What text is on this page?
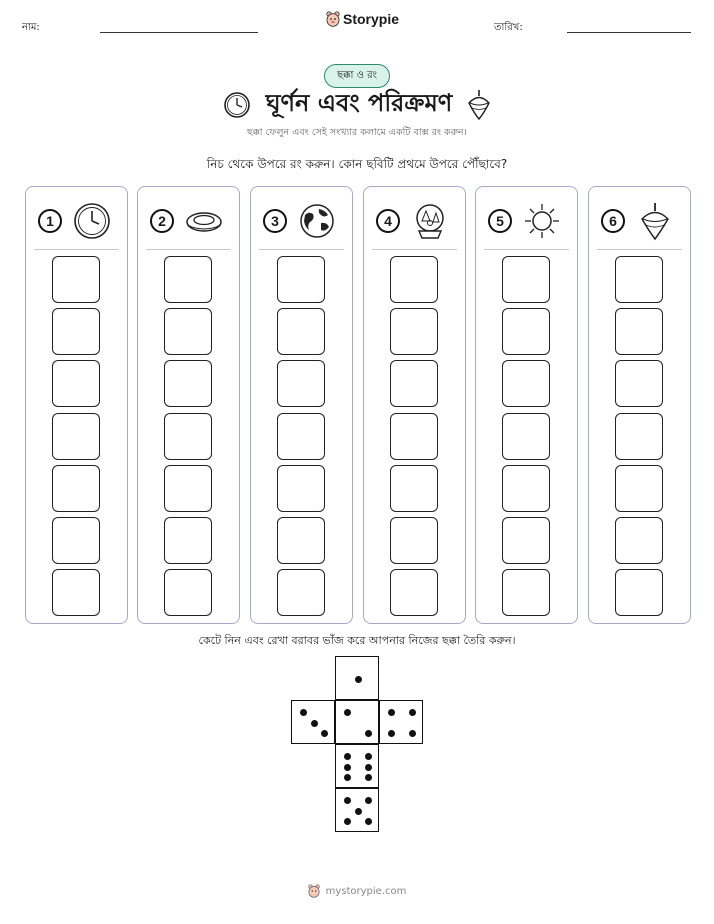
নাম:
Storypie
তারিখ:
ছক্কা ও রং
ঘূর্ণন এবং পরিক্রমণ
ছক্কা ফেলুন এবং সেই সংখ্যার কলামে একটি বাক্স রং করুন।
নিচ থেকে উপরে রং করুন। কোন ছবিটি প্রথমে উপরে পৌঁছাবে?
1	2	3	4	5	6
কেটে নিন এবং রেখা বরাবর ভাঁজ করে আপনার নিজের ছক্কা তৈরি করুন।
mystorypie.com
